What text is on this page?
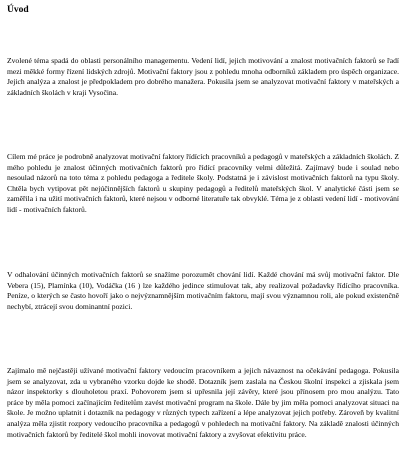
Úvod

Zvolené téma spadá do oblasti personálního managementu. Vedení lidí, jejich motivování a znalost motivačních faktorů se řadí mezi měkké formy řízení lidských zdrojů. Motivační faktory jsou z pohledu mnoha odborníků základem pro úspěch organizace. Jejich analýza a znalost je předpokladem pro dobrého manažera. Pokusila jsem se analyzovat motivační faktory v mateřských a základních školách v kraji Vysočina.

Cílem mé práce je podrobně analyzovat motivační faktory řídících pracovníků a pedagogů v mateřských a základních školách. Z mého pohledu je znalost účinných motivačních faktorů pro řídící pracovníky velmi důležitá. Zajímavý bude i soulad nebo nesoulad názorů na toto téma z pohledu pedagoga a ředitele školy. Podstatná je i závislost motivačních faktorů na typu školy. Chtěla bych vytipovat pět nejúčinnějších faktorů u skupiny pedagogů a ředitelů mateřských škol. V analytické části jsem se zaměřila i na užití motivačních faktorů, které nejsou v odborné literatuře tak obvyklé. Téma je z oblasti vedení lidí - motivování lidí - motivačních faktorů.

V odhalování účinných motivačních faktorů se snažíme porozumět chování lidí. Každé chování má svůj motivační faktor. Dle Vebera (15), Plamínka (10), Vodáčka (16 ) lze každého jedince stimulovat tak, aby realizoval požadavky řídícího pracovníka. Peníze, o kterých se často hovoří jako o nejvýznamnějším motivačním faktoru, mají svou významnou roli, ale pokud existenčně nechybí, ztrácejí svou dominantní pozici.

Zajímalo mě nejčastěji užívané motivační faktory vedoucím pracovníkem a jejich návaznost na očekávání pedagoga. Pokusila jsem se analyzovat, zda u vybraného vzorku dojde ke shodě. Dotazník jsem zaslala na Českou školní inspekci a zjiskala jsem názor inspektorky s dlouholetou praxí. Pohovorem jsem si upřesnila její závěry, které jsou přínosem pro mou analýzu. Tato práce by měla pomoci začínajícím ředitelům zavést motivační program na škole. Dále by jim měla pomoci analyzovat situaci na škole. Je možno uplatnit i dotazník na pedagogy v různých typech zařízení a lépe analyzovat jejich potřeby. Zároveň by kvalitní analýza měla zjistit rozpory vedoucího pracovníka a pedagogů v pohledech na motivační faktory. Na základě znalosti účinných motivačních faktorů by ředitelé škol mohli inovovat motivační faktory a zvyšovat efektivitu práce.
